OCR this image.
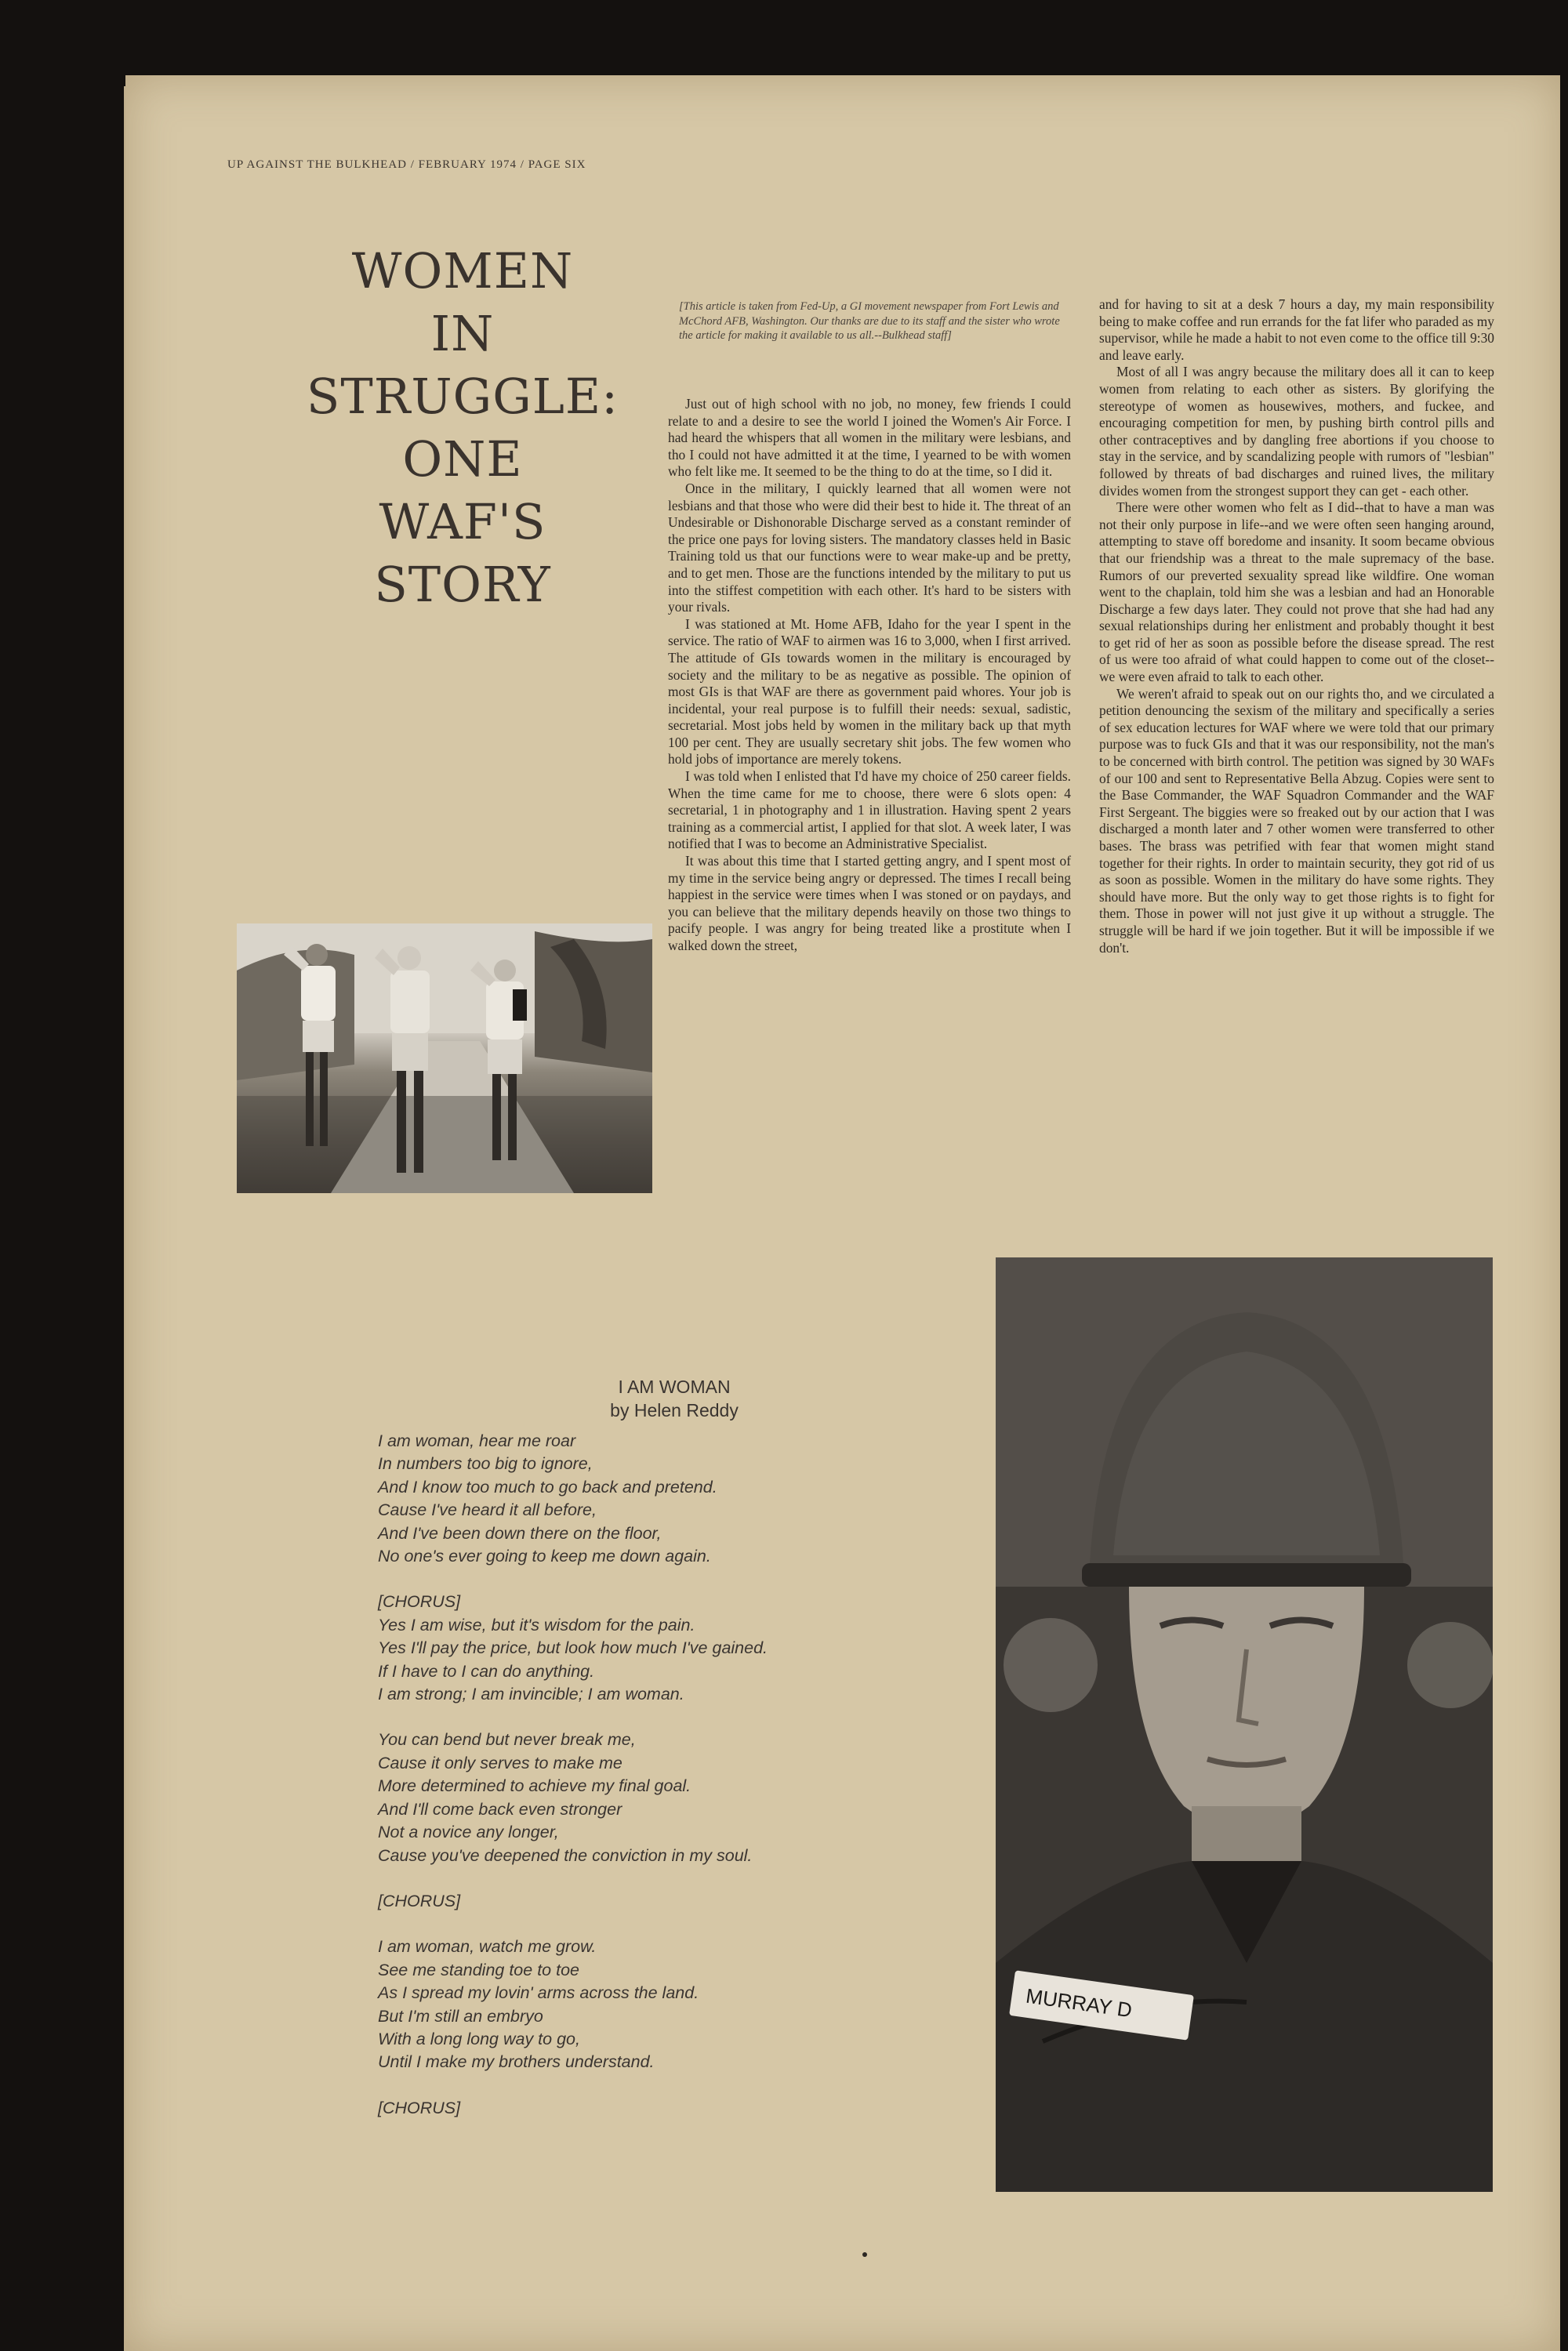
UP AGAINST THE BULKHEAD / FEBRUARY 1974 / PAGE SIX
WOMEN
IN
STRUGGLE:
ONE
WAF'S
STORY
[This article is taken from Fed-Up, a GI movement newspaper from Fort Lewis and McChord AFB, Washington. Our thanks are due to its staff and the sister who wrote the article for making it available to us all.--Bulkhead staff]

Just out of high school with no job, no money, few friends I could relate to and a desire to see the world I joined the Women's Air Force. I had heard the whispers that all women in the military were lesbians, and tho I could not have admitted it at the time, I yearned to be with women who felt like me. It seemed to be the thing to do at the time, so I did it.

Once in the military, I quickly learned that all women were not lesbians and that those who were did their best to hide it. The threat of an Undesirable or Dishonorable Discharge served as a constant reminder of the price one pays for loving sisters. The mandatory classes held in Basic Training told us that our functions were to wear make-up and be pretty, and to get men. Those are the functions intended by the military to put us into the stiffest competition with each other. It's hard to be sisters with your rivals.

I was stationed at Mt. Home AFB, Idaho for the year I spent in the service. The ratio of WAF to airmen was 16 to 3,000, when I first arrived. The attitude of GIs towards women in the military is encouraged by society and the military to be as negative as possible. The opinion of most GIs is that WAF are there as government paid whores. Your job is incidental, your real purpose is to fulfill their needs: sexual, sadistic, secretarial. Most jobs held by women in the military back up that myth 100 per cent. They are usually secretary shit jobs. The few women who hold jobs of importance are merely tokens.

I was told when I enlisted that I'd have my choice of 250 career fields. When the time came for me to choose, there were 6 slots open: 4 secretarial, 1 in photography and 1 in illustration. Having spent 2 years training as a commercial artist, I applied for that slot. A week later, I was notified that I was to become an Administrative Specialist.

It was about this time that I started getting angry, and I spent most of my time in the service being angry or depressed. The times I recall being happiest in the service were times when I was stoned or on paydays, and you can believe that the military depends heavily on those two things to pacify people. I was angry for being treated like a prostitute when I walked down the street,

and for having to sit at a desk 7 hours a day, my main responsibility being to make coffee and run errands for the fat lifer who paraded as my supervisor, while he made a habit to not even come to the office till 9:30 and leave early.

Most of all I was angry because the military does all it can to keep women from relating to each other as sisters. By glorifying the stereotype of women as housewives, mothers, and fuckee, and encouraging competition for men, by pushing birth control pills and other contraceptives and by dangling free abortions if you choose to stay in the service, and by scandalizing people with rumors of "lesbian" followed by threats of bad discharges and ruined lives, the military divides women from the strongest support they can get - each other.

There were other women who felt as I did--that to have a man was not their only purpose in life--and we were often seen hanging around, attempting to stave off boredome and insanity. It soom became obvious that our friendship was a threat to the male supremacy of the base. Rumors of our preverted sexuality spread like wildfire. One woman went to the chaplain, told him she was a lesbian and had an Honorable Discharge a few days later. They could not prove that she had had any sexual relationships during her enlistment and probably thought it best to get rid of her as soon as possible before the disease spread. The rest of us were too afraid of what could happen to come out of the closet--we were even afraid to talk to each other.

We weren't afraid to speak out on our rights tho, and we circulated a petition denouncing the sexism of the military and specifically a series of sex education lectures for WAF where we were told that our primary purpose was to fuck GIs and that it was our responsibility, not the man's to be concerned with birth control. The petition was signed by 30 WAFs of our 100 and sent to Representative Bella Abzug. Copies were sent to the Base Commander, the WAF Squadron Commander and the WAF First Sergeant. The biggies were so freaked out by our action that I was discharged a month later and 7 other women were transferred to other bases. The brass was petrified with fear that women might stand together for their rights. In order to maintain security, they got rid of us as soon as possible. Women in the military do have some rights. They should have more. But the only way to get those rights is to fight for them. Those in power will not just give it up without a struggle. The struggle will be hard if we join together. But it will be impossible if we don't.

I AM WOMAN
by Helen Reddy
I am woman, hear me roar
In numbers too big to ignore,
And I know too much to go back and pretend.
Cause I've heard it all before,
And I've been down there on the floor,
No one's ever going to keep me down again.
[CHORUS]
Yes I am wise, but it's wisdom for the pain.
Yes I'll pay the price, but look how much I've gained.
If I have to I can do anything.
I am strong; I am invincible; I am woman.
You can bend but never break me,
Cause it only serves to make me
More determined to achieve my final goal.
And I'll come back even stronger
Not a novice any longer,
Cause you've deepened the conviction in my soul.
[CHORUS]
I am woman, watch me grow.
See me standing toe to toe
As I spread my lovin' arms across the land.
But I'm still an embryo
With a long long way to go,
Until I make my brothers understand.
[CHORUS]
MURRAY D
